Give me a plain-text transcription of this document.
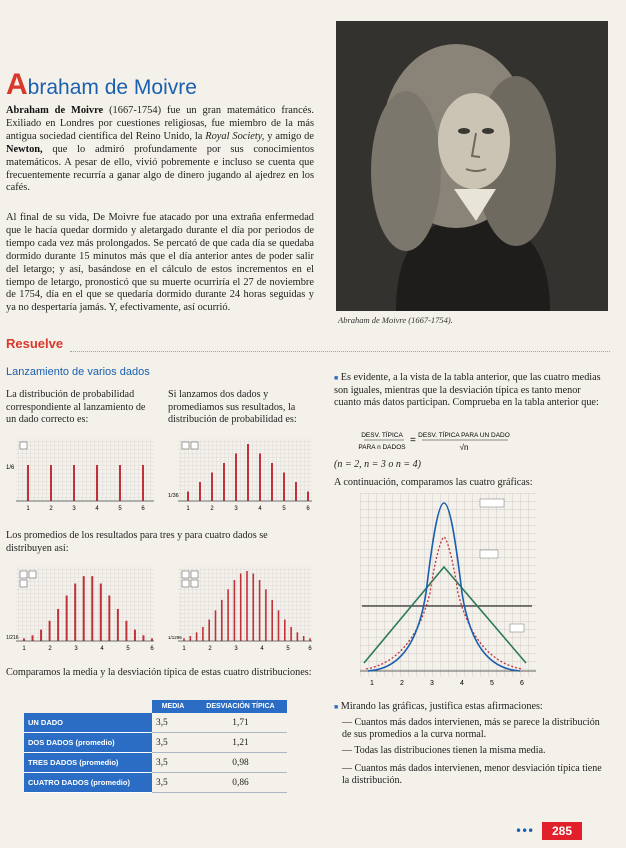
Abraham de Moivre
Abraham de Moivre (1667-1754) fue un gran matemático francés. Exiliado en Londres por cuestiones religiosas, fue miembro de la más antigua sociedad científica del Reino Unido, la Royal Society, y amigo de Newton, que lo admiró profundamente por sus conocimientos matemáticos. A pesar de ello, vivió pobremente e incluso se cuenta que frecuentemente recurría a ganar algo de dinero jugando al ajedrez en los cafés.
Al final de su vida, De Moivre fue atacado por una extraña enfermedad que le hacía quedar dormido y aletargado durante el día por periodos de tiempo cada vez más prolongados. Se percató de que cada día se quedaba dormido durante 15 minutos más que el día anterior antes de poder salir del letargo; y así, basándose en el cálculo de estos incrementos en el tiempo de letargo, pronosticó que su muerte ocurriría el 27 de noviembre de 1754, día en el que se quedaría dormido durante 24 horas seguidas y ya no despertaría jamás. Y, efectivamente, así ocurrió.
Abraham de Moivre (1667-1754).
Resuelve
Lanzamiento de varios dados
La distribución de probabilidad correspondiente al lanzamiento de un dado correcto es:
Si lanzamos dos dados y promediamos sus resultados, la distribución de probabilidad es:
1/6
1	2	3	4	5	6
1/36
1	2	3	4	5	6
Los promedios de los resultados para tres y para cuatro dados se distribuyen así:
1/216
1	2	3	4	5	6
1/1296
1	2	3	4	5	6
Comparamos la media y la desviación típica de estas cuatro distribuciones:
	MEDIA	DESVIACIÓN TÍPICA
UN DADO	3,5	1,71
DOS DADOS (promedio)	3,5	1,21
TRES DADOS (promedio)	3,5	0,98
CUATRO DADOS (promedio)	3,5	0,86
■ Es evidente, a la vista de la tabla anterior, que las cuatro medias son iguales, mientras que la desviación típica es tanto menor cuanto más datos participan. Comprueba en la tabla anterior que:
DESV. TÍPICA
PARA n DADOS
= DESV. TÍPICA PARA UN DADO
√n
(n = 2, n = 3 o n = 4)
A continuación, comparamos las cuatro gráficas:
1	2	3	4	5	6
■ Mirando las gráficas, justifica estas afirmaciones:
— Cuantos más dados intervienen, más se parece la distribución de sus promedios a la curva normal.
— Todas las distribuciones tienen la misma media.
— Cuantos más dados intervienen, menor desviación típica tiene la distribución.
•••	285
